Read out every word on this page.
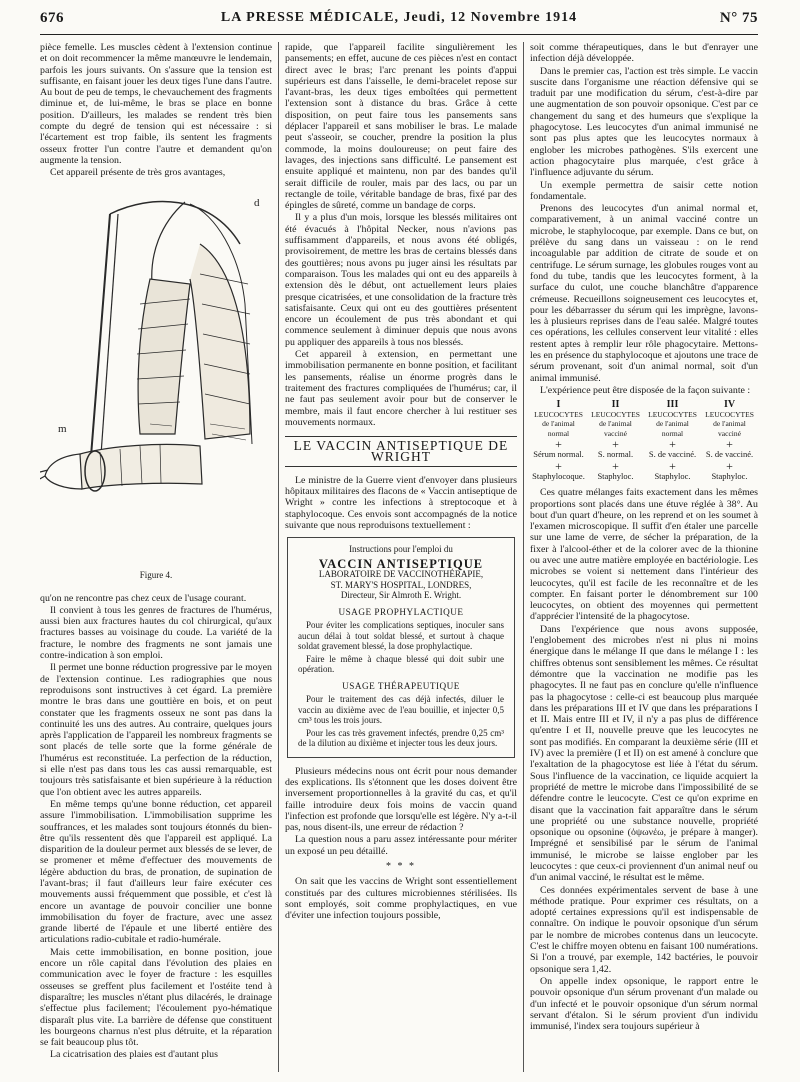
676	LA PRESSE MÉDICALE, Jeudi, 12 Novembre 1914	N° 75

pièce femelle. Les muscles cèdent à l'extension continue et on doit recommencer la même manœuvre le lendemain, parfois les jours suivants. On s'assure que la tension est suffisante, en faisant jouer les deux tiges l'une dans l'autre. Au bout de peu de temps, le chevauchement des fragments diminue et, de lui-même, le bras se place en bonne position. D'ailleurs, les malades se rendent très bien compte du degré de tension qui est nécessaire : si l'écartement est trop faible, ils sentent les fragments osseux frotter l'un contre l'autre et demandent qu'on augmente la tension.

Cet appareil présente de très gros avantages,

d
m
Figure 4.

qu'on ne rencontre pas chez ceux de l'usage courant.

Il convient à tous les genres de fractures de l'humérus, aussi bien aux fractures hautes du col chirurgical, qu'aux fractures basses au voisinage du coude. La variété de la fracture, le nombre des fragments ne sont jamais une contre-indication à son emploi.

Il permet une bonne réduction progressive par le moyen de l'extension continue. Les radiographies que nous reproduisons sont instructives à cet égard. La première montre le bras dans une gouttière en bois, et on peut constater que les fragments osseux ne sont pas dans la continuité les uns des autres. Au contraire, quelques jours après l'application de l'appareil les nombreux fragments se sont placés de telle sorte que la forme générale de l'humérus est reconstituée. La perfection de la réduction, si elle n'est pas dans tous les cas aussi remarquable, est toujours très satisfaisante et bien supérieure à la réduction que l'on obtient avec les autres appareils.

En même temps qu'une bonne réduction, cet appareil assure l'immobilisation. L'immobilisation supprime les souffrances, et les malades sont toujours étonnés du bien-être qu'ils ressentent dès que l'appareil est appliqué. La disparition de la douleur permet aux blessés de se lever, de se promener et même d'effectuer des mouvements de légère abduction du bras, de pronation, de supination de l'avant-bras; il faut d'ailleurs leur faire exécuter ces mouvements aussi fréquemment que possible, et c'est là encore un avantage de pouvoir concilier une bonne immobilisation du foyer de fracture, avec une assez grande liberté de l'épaule et une liberté entière des articulations radio-cubitale et radio-humérale.

Mais cette immobilisation, en bonne position, joue encore un rôle capital dans l'évolution des plaies en communication avec le foyer de fracture : les esquilles osseuses se greffent plus facilement et l'ostéite tend à disparaître; les muscles n'étant plus dilacérés, le drainage s'effectue plus facilement; l'écoulement pyo-hématique disparaît plus vite. La barrière de défense que constituent les bourgeons charnus n'est plus détruite, et la réparation se fait beaucoup plus tôt.

La cicatrisation des plaies est d'autant plus

rapide, que l'appareil facilite singulièrement les pansements; en effet, aucune de ces pièces n'est en contact direct avec le bras; l'arc prenant les points d'appui supérieurs est dans l'aisselle, le demi-bracelet repose sur l'avant-bras, les deux tiges emboîtées qui permettent l'extension sont à distance du bras. Grâce à cette disposition, on peut faire tous les pansements sans déplacer l'appareil et sans mobiliser le bras. Le malade peut s'asseoir, se coucher, prendre la position la plus commode, la moins douloureuse; on peut faire des lavages, des injections sans difficulté. Le pansement est ensuite appliqué et maintenu, non par des bandes qu'il serait difficile de rouler, mais par des lacs, ou par un rectangle de toile, véritable bandage de bras, fixé par des épingles de sûreté, comme un bandage de corps.

Il y a plus d'un mois, lorsque les blessés militaires ont été évacués à l'hôpital Necker, nous n'avions pas suffisamment d'appareils, et nous avons été obligés, provisoirement, de mettre les bras de certains blessés dans des gouttières; nous avons pu juger ainsi les résultats par comparaison. Tous les malades qui ont eu des appareils à extension dès le début, ont actuellement leurs plaies presque cicatrisées, et une consolidation de la fracture très satisfaisante. Ceux qui ont eu des gouttières présentent encore un écoulement de pus très abondant et qui commence seulement à diminuer depuis que nous avons pu appliquer des appareils à tous nos blessés.

Cet appareil à extension, en permettant une immobilisation permanente en bonne position, et facilitant les pansements, réalise un énorme progrès dans le traitement des fractures compliquées de l'humérus; car, il ne faut pas seulement avoir pour but de conserver le membre, mais il faut encore chercher à lui restituer ses mouvements normaux.

LE VACCIN ANTISEPTIQUE DE WRIGHT

Le ministre de la Guerre vient d'envoyer dans plusieurs hôpitaux militaires des flacons de « Vaccin antiseptique de Wright » contre les infections à streptocoque et à staphylocoque. Ces envois sont accompagnés de la notice suivante que nous reproduisons textuellement :

Instructions pour l'emploi du
VACCIN ANTISEPTIQUE
LABORATOIRE DE VACCINOTHÉRAPIE,
ST. MARY'S HOSPITAL, LONDRES,
Directeur, Sir Almroth E. Wright.
USAGE PROPHYLACTIQUE

Pour éviter les complications septiques, inoculer sans aucun délai à tout soldat blessé, et surtout à chaque soldat gravement blessé, la dose prophylactique.

Faire le même à chaque blessé qui doit subir une opération.

USAGE THÉRAPEUTIQUE

Pour le traitement des cas déjà infectés, diluer le vaccin au dixième avec de l'eau bouillie, et injecter 0,5 cm³ tous les trois jours.

Pour les cas très gravement infectés, prendre 0,25 cm³ de la dilution au dixième et injecter tous les deux jours.

Plusieurs médecins nous ont écrit pour nous demander des explications. Ils s'étonnent que les doses doivent être inversement proportionnelles à la gravité du cas, et qu'il faille introduire deux fois moins de vaccin quand l'infection est profonde que lorsqu'elle est légère. N'y a-t-il pas, nous disent-ils, une erreur de rédaction ?

La question nous a paru assez intéressante pour mériter un exposé un peu détaillé.

* * *

On sait que les vaccins de Wright sont essentiellement constitués par des cultures microbiennes stérilisées. Ils sont employés, soit comme prophylactiques, en vue d'éviter une infection toujours possible,

soit comme thérapeutiques, dans le but d'enrayer une infection déjà développée.

Dans le premier cas, l'action est très simple. Le vaccin suscite dans l'organisme une réaction défensive qui se traduit par une modification du sérum, c'est-à-dire par une augmentation de son pouvoir opsonique. C'est par ce changement du sang et des humeurs que s'explique la phagocytose. Les leucocytes d'un animal immunisé ne sont pas plus aptes que les leucocytes normaux à englober les microbes pathogènes. S'ils exercent une action phagocytaire plus marquée, c'est grâce à l'influence adjuvante du sérum.

Un exemple permettra de saisir cette notion fondamentale.

Prenons des leucocytes d'un animal normal et, comparativement, à un animal vacciné contre un microbe, le staphylocoque, par exemple. Dans ce but, on prélève du sang dans un vaisseau : on le rend incoagulable par addition de citrate de soude et on centrifuge. Le sérum surnage, les globules rouges vont au fond du tube, tandis que les leucocytes forment, à la surface du culot, une couche blanchâtre d'apparence crémeuse. Recueillons soigneusement ces leucocytes et, pour les débarrasser du sérum qui les imprègne, lavons-les à plusieurs reprises dans de l'eau salée. Malgré toutes ces opérations, les cellules conservent leur vitalité : elles restent aptes à remplir leur rôle phagocytaire. Mettons-les en présence du staphylocoque et ajoutons une trace de sérum provenant, soit d'un animal normal, soit d'un animal immunisé.

L'expérience peut être disposée de la façon suivante :

I
LEUCOCYTES
de l'animal
normal
+
Sérum normal.
+
Staphylocoque.
II
LEUCOCYTES
de l'animal
vacciné
+
S. normal.
+
Staphyloc.
III
LEUCOCYTES
de l'animal
normal
+
S. de vacciné.
+
Staphyloc.
IV
LEUCOCYTES
de l'animal
vacciné
+
S. de vacciné.
+
Staphyloc.

Ces quatre mélanges faits exactement dans les mêmes proportions sont placés dans une étuve réglée à 38°. Au bout d'un quart d'heure, on les reprend et on les soumet à l'examen microscopique. Il suffit d'en étaler une parcelle sur une lame de verre, de sécher la préparation, de la fixer à l'alcool-éther et de la colorer avec de la thionine ou avec une autre matière employée en bactériologie. Les microbes se voient si nettement dans l'intérieur des leucocytes, qu'il est facile de les reconnaître et de les compter. En faisant porter le dénombrement sur 100 leucocytes, on obtient des moyennes qui permettent d'apprécier l'intensité de la phagocytose.

Dans l'expérience que nous avons supposée, l'englobement des microbes n'est ni plus ni moins énergique dans le mélange II que dans le mélange I : les chiffres obtenus sont sensiblement les mêmes. Ce résultat démontre que la vaccination ne modifie pas les phagocytes. Il ne faut pas en conclure qu'elle n'influence pas la phagocytose : celle-ci est beaucoup plus marquée dans les préparations III et IV que dans les préparations I et II. Mais entre III et IV, il n'y a pas plus de différence qu'entre I et II, nouvelle preuve que les leucocytes ne sont pas modifiés. En comparant la deuxième série (III et IV) avec la première (I et II) on est amené à conclure que l'exaltation de la phagocytose est liée à l'état du sérum. Sous l'influence de la vaccination, ce liquide acquiert la propriété de mettre le microbe dans l'impossibilité de se défendre contre le leucocyte. C'est ce qu'on exprime en disant que la vaccination fait apparaître dans le sérum une propriété ou une substance nouvelle, propriété opsonique ou opsonine (ὀψωνέω, je prépare à manger). Imprégné et sensibilisé par le sérum de l'animal immunisé, le microbe se laisse englober par les leucocytes : que ceux-ci proviennent d'un animal neuf ou d'un animal vacciné, le résultat est le même.

Ces données expérimentales servent de base à une méthode pratique. Pour exprimer ces résultats, on a adopté certaines expressions qu'il est indispensable de connaître. On indique le pouvoir opsonique d'un sérum par le nombre de microbes contenus dans un leucocyte. C'est le chiffre moyen obtenu en faisant 100 numérations. Si l'on a trouvé, par exemple, 142 bactéries, le pouvoir opsonique sera 1,42.

On appelle index opsonique, le rapport entre le pouvoir opsonique d'un sérum provenant d'un malade ou d'un infecté et le pouvoir opsonique d'un sérum normal servant d'étalon. Si le sérum provient d'un individu immunisé, l'index sera toujours supérieur à
